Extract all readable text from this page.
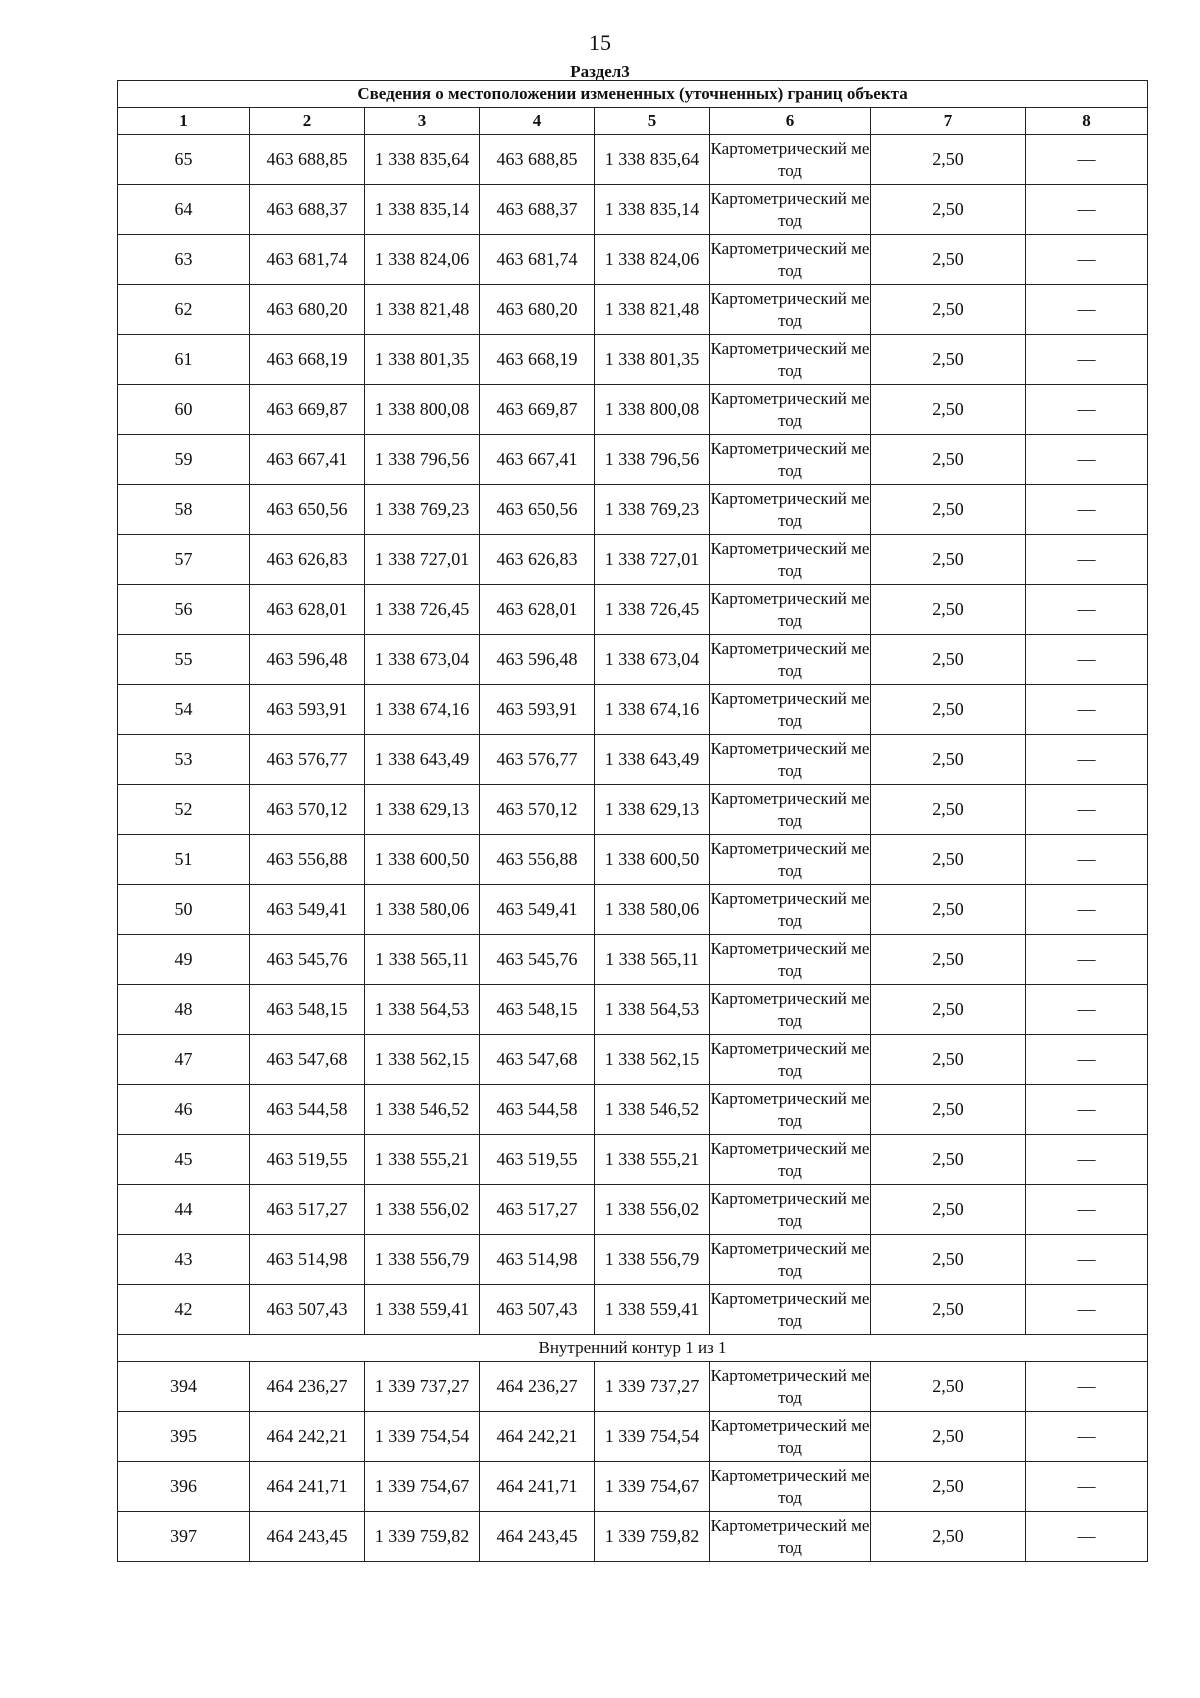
15
Раздел3
Сведения о местоположении измененных (уточненных) границ объекта							
1	2	3	4	5	6	7	8
65	463 688,85	1 338 835,64	463 688,85	1 338 835,64	Картометрический метод	2,50	—
64	463 688,37	1 338 835,14	463 688,37	1 338 835,14	Картометрический метод	2,50	—
63	463 681,74	1 338 824,06	463 681,74	1 338 824,06	Картометрический метод	2,50	—
62	463 680,20	1 338 821,48	463 680,20	1 338 821,48	Картометрический метод	2,50	—
61	463 668,19	1 338 801,35	463 668,19	1 338 801,35	Картометрический метод	2,50	—
60	463 669,87	1 338 800,08	463 669,87	1 338 800,08	Картометрический метод	2,50	—
59	463 667,41	1 338 796,56	463 667,41	1 338 796,56	Картометрический метод	2,50	—
58	463 650,56	1 338 769,23	463 650,56	1 338 769,23	Картометрический метод	2,50	—
57	463 626,83	1 338 727,01	463 626,83	1 338 727,01	Картометрический метод	2,50	—
56	463 628,01	1 338 726,45	463 628,01	1 338 726,45	Картометрический метод	2,50	—
55	463 596,48	1 338 673,04	463 596,48	1 338 673,04	Картометрический метод	2,50	—
54	463 593,91	1 338 674,16	463 593,91	1 338 674,16	Картометрический метод	2,50	—
53	463 576,77	1 338 643,49	463 576,77	1 338 643,49	Картометрический метод	2,50	—
52	463 570,12	1 338 629,13	463 570,12	1 338 629,13	Картометрический метод	2,50	—
51	463 556,88	1 338 600,50	463 556,88	1 338 600,50	Картометрический метод	2,50	—
50	463 549,41	1 338 580,06	463 549,41	1 338 580,06	Картометрический метод	2,50	—
49	463 545,76	1 338 565,11	463 545,76	1 338 565,11	Картометрический метод	2,50	—
48	463 548,15	1 338 564,53	463 548,15	1 338 564,53	Картометрический метод	2,50	—
47	463 547,68	1 338 562,15	463 547,68	1 338 562,15	Картометрический метод	2,50	—
46	463 544,58	1 338 546,52	463 544,58	1 338 546,52	Картометрический метод	2,50	—
45	463 519,55	1 338 555,21	463 519,55	1 338 555,21	Картометрический метод	2,50	—
44	463 517,27	1 338 556,02	463 517,27	1 338 556,02	Картометрический метод	2,50	—
43	463 514,98	1 338 556,79	463 514,98	1 338 556,79	Картометрический метод	2,50	—
42	463 507,43	1 338 559,41	463 507,43	1 338 559,41	Картометрический метод	2,50	—
Внутренний контур 1 из 1							
394	464 236,27	1 339 737,27	464 236,27	1 339 737,27	Картометрический метод	2,50	—
395	464 242,21	1 339 754,54	464 242,21	1 339 754,54	Картометрический метод	2,50	—
396	464 241,71	1 339 754,67	464 241,71	1 339 754,67	Картометрический метод	2,50	—
397	464 243,45	1 339 759,82	464 243,45	1 339 759,82	Картометрический метод	2,50	—
